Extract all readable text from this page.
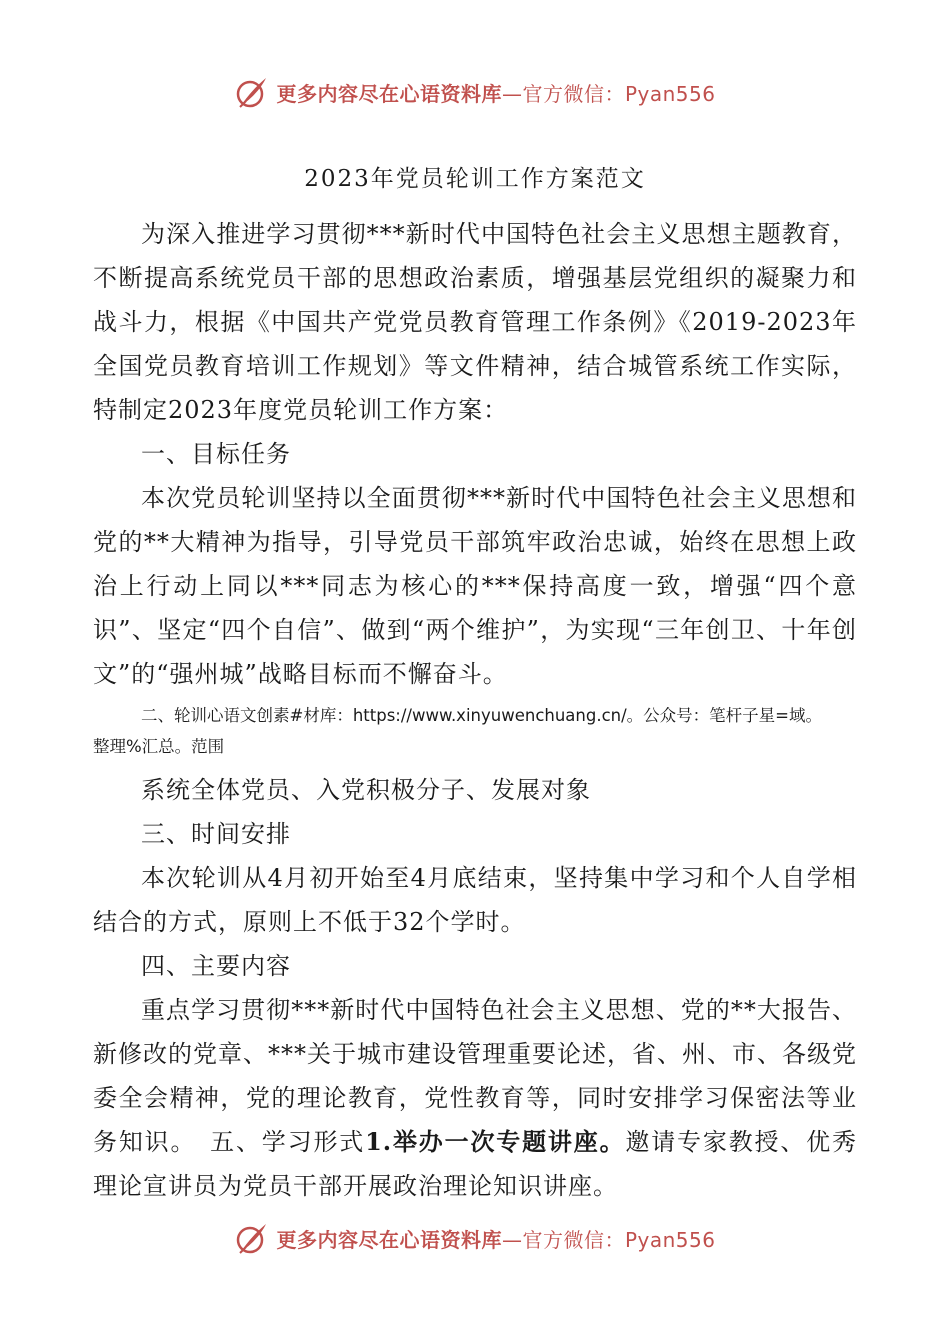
更多内容尽在心语资料库—官方微信：Pyan556
2023年党员轮训工作方案范文

为深入推进学习贯彻***新时代中国特色社会主义思想主题教育，不断提高系统党员干部的思想政治素质，增强基层党组织的凝聚力和战斗力，根据《中国共产党党员教育管理工作条例》《2019-2023年全国党员教育培训工作规划》等文件精神，结合城管系统工作实际，特制定2023年度党员轮训工作方案：

一、目标任务

本次党员轮训坚持以全面贯彻***新时代中国特色社会主义思想和党的**大精神为指导，引导党员干部筑牢政治忠诚，始终在思想上政治上行动上同以***同志为核心的***保持高度一致，增强“四个意识”、坚定“四个自信”、做到“两个维护”，为实现“三年创卫、十年创文”的“强州城”战略目标而不懈奋斗。

二、轮训心语文创素#材库：https://www.xinyuwenchuang.cn/。公众号：笔杆子星=域。
整理%汇总。范围

系统全体党员、入党积极分子、发展对象

三、时间安排

本次轮训从4月初开始至4月底结束，坚持集中学习和个人自学相结合的方式，原则上不低于32个学时。

四、主要内容

重点学习贯彻***新时代中国特色社会主义思想、党的**大报告、新修改的党章、***关于城市建设管理重要论述，省、州、市、各级党委全会精神，党的理论教育，党性教育等，同时安排学习保密法等业务知识。　五、学习形式1.举办一次专题讲座。邀请专家教授、优秀理论宣讲员为党员干部开展政治理论知识讲座。

更多内容尽在心语资料库—官方微信：Pyan556
